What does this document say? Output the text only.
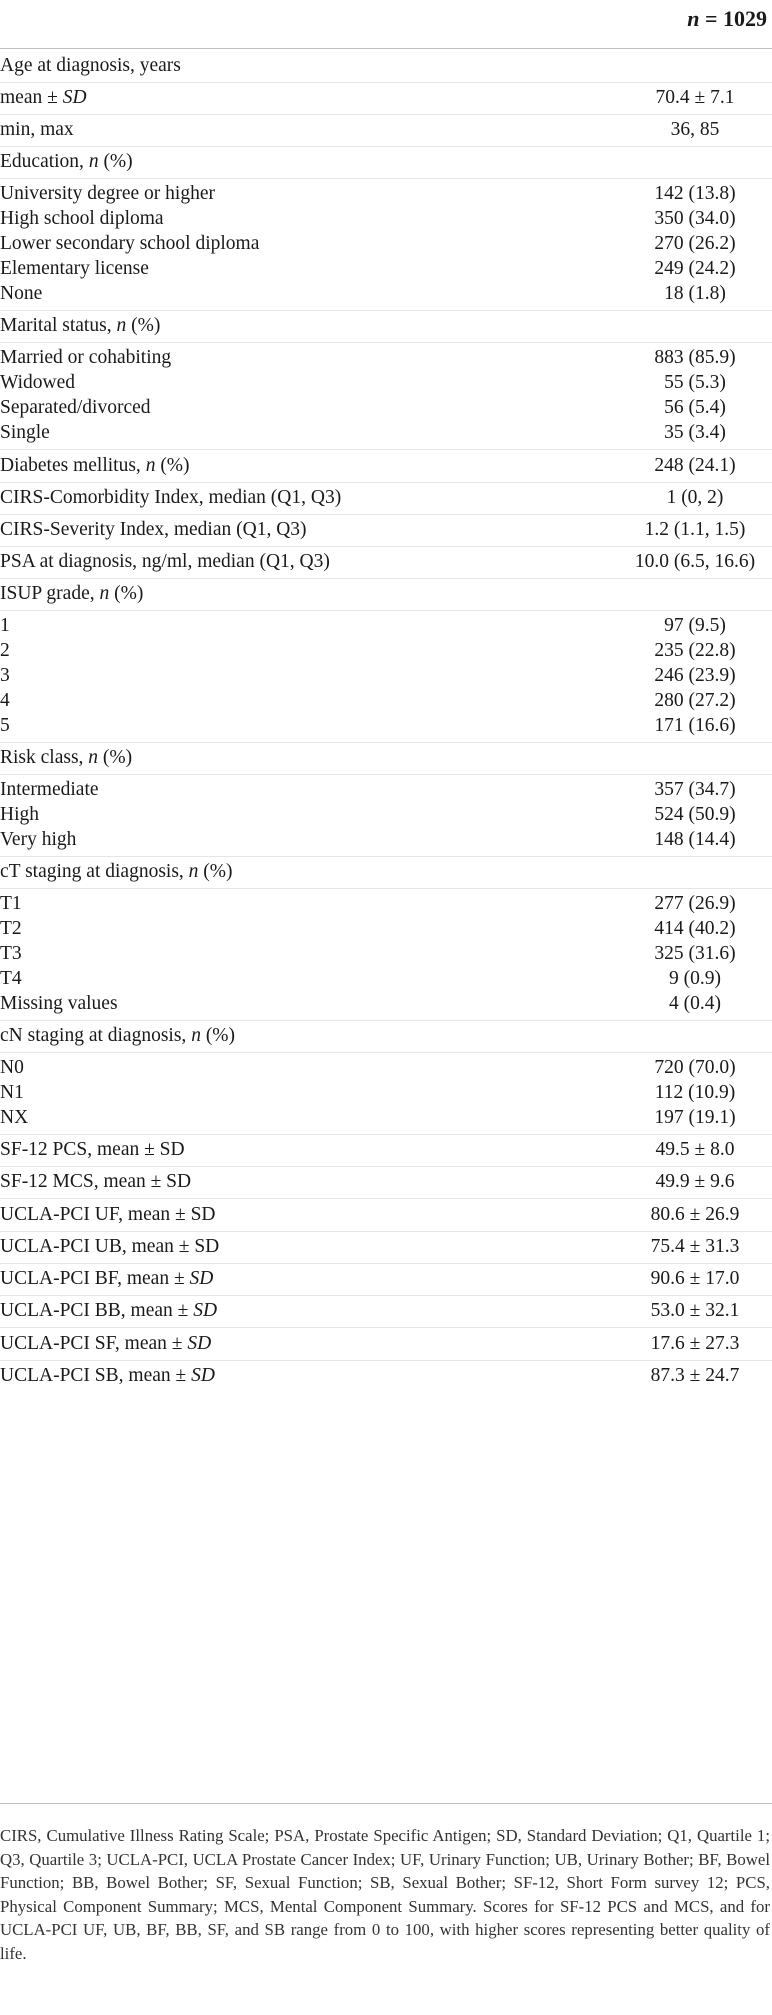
n = 1029
Age at diagnosis, years
mean ± SD	70.4 ± 7.1
min, max	36, 85
Education, n (%)
University degree or higher	142 (13.8)
High school diploma	350 (34.0)
Lower secondary school diploma	270 (26.2)
Elementary license	249 (24.2)
None	18 (1.8)
Marital status, n (%)
Married or cohabiting	883 (85.9)
Widowed	55 (5.3)
Separated/divorced	56 (5.4)
Single	35 (3.4)
Diabetes mellitus, n (%)	248 (24.1)
CIRS-Comorbidity Index, median (Q1, Q3)	1 (0, 2)
CIRS-Severity Index, median (Q1, Q3)	1.2 (1.1, 1.5)
PSA at diagnosis, ng/ml, median (Q1, Q3)	10.0 (6.5, 16.6)
ISUP grade, n (%)
1	97 (9.5)
2	235 (22.8)
3	246 (23.9)
4	280 (27.2)
5	171 (16.6)
Risk class, n (%)
Intermediate	357 (34.7)
High	524 (50.9)
Very high	148 (14.4)
cT staging at diagnosis, n (%)
T1	277 (26.9)
T2	414 (40.2)
T3	325 (31.6)
T4	9 (0.9)
Missing values	4 (0.4)
cN staging at diagnosis, n (%)
N0	720 (70.0)
N1	112 (10.9)
NX	197 (19.1)
SF-12 PCS, mean ± SD	49.5 ± 8.0
SF-12 MCS, mean ± SD	49.9 ± 9.6
UCLA-PCI UF, mean ± SD	80.6 ± 26.9
UCLA-PCI UB, mean ± SD	75.4 ± 31.3
UCLA-PCI BF, mean ± SD	90.6 ± 17.0
UCLA-PCI BB, mean ± SD	53.0 ± 32.1
UCLA-PCI SF, mean ± SD	17.6 ± 27.3
UCLA-PCI SB, mean ± SD	87.3 ± 24.7
CIRS, Cumulative Illness Rating Scale; PSA, Prostate Specific Antigen; SD, Standard Deviation; Q1, Quartile 1; Q3, Quartile 3; UCLA-PCI, UCLA Prostate Cancer Index; UF, Urinary Function; UB, Urinary Bother; BF, Bowel Function; BB, Bowel Bother; SF, Sexual Function; SB, Sexual Bother; SF-12, Short Form survey 12; PCS, Physical Component Summary; MCS, Mental Component Summary. Scores for SF-12 PCS and MCS, and for UCLA-PCI UF, UB, BF, BB, SF, and SB range from 0 to 100, with higher scores representing better quality of life.
